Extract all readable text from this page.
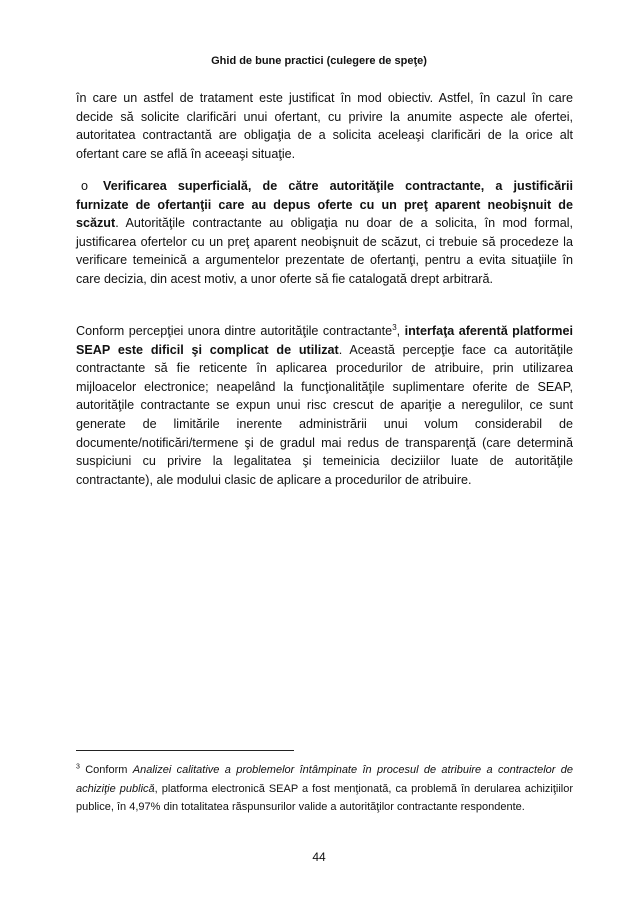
Ghid de bune practici (culegere de speţe)

în care un astfel de tratament este justificat în mod obiectiv. Astfel, în cazul în care decide să solicite clarificări unui ofertant, cu privire la anumite aspecte ale ofertei, autoritatea contractantă are obligaţia de a solicita aceleaşi clarificări de la orice alt ofertant care se află în aceeaşi situaţie.

o Verificarea superficială, de către autorităţile contractante, a justificării furnizate de ofertanţii care au depus oferte cu un preţ aparent neobişnuit de scăzut. Autorităţile contractante au obligaţia nu doar de a solicita, în mod formal, justificarea ofertelor cu un preţ aparent neobişnuit de scăzut, ci trebuie să procedeze la verificare temeinică a argumentelor prezentate de ofertanţi, pentru a evita situaţiile în care decizia, din acest motiv, a unor oferte să fie catalogată drept arbitrară.

Conform percepţiei unora dintre autorităţile contractante$^3$, interfaţa aferentă platformei SEAP este dificil şi complicat de utilizat. Această percepţie face ca autorităţile contractante să fie reticente în aplicarea procedurilor de atribuire, prin utilizarea mijloacelor electronice; neapelând la funcţionalităţile suplimentare oferite de SEAP, autorităţile contractante se expun unui risc crescut de apariţie a neregulilor, ce sunt generate de limitările inerente administrării unui volum considerabil de documente/notificări/termene şi de gradul mai redus de transparenţă (care determină suspiciuni cu privire la legalitatea şi temeinicia deciziilor luate de autorităţile contractante), ale modului clasic de aplicare a procedurilor de atribuire.

$^3$ Conform Analizei calitative a problemelor întâmpinate în procesul de atribuire a contractelor de achiziţie publică, platforma electronică SEAP a fost menţionată, ca problemă în derularea achiziţiilor publice, în 4,97% din totalitatea răspunsurilor valide a autorităţilor contractante respondente.

44
